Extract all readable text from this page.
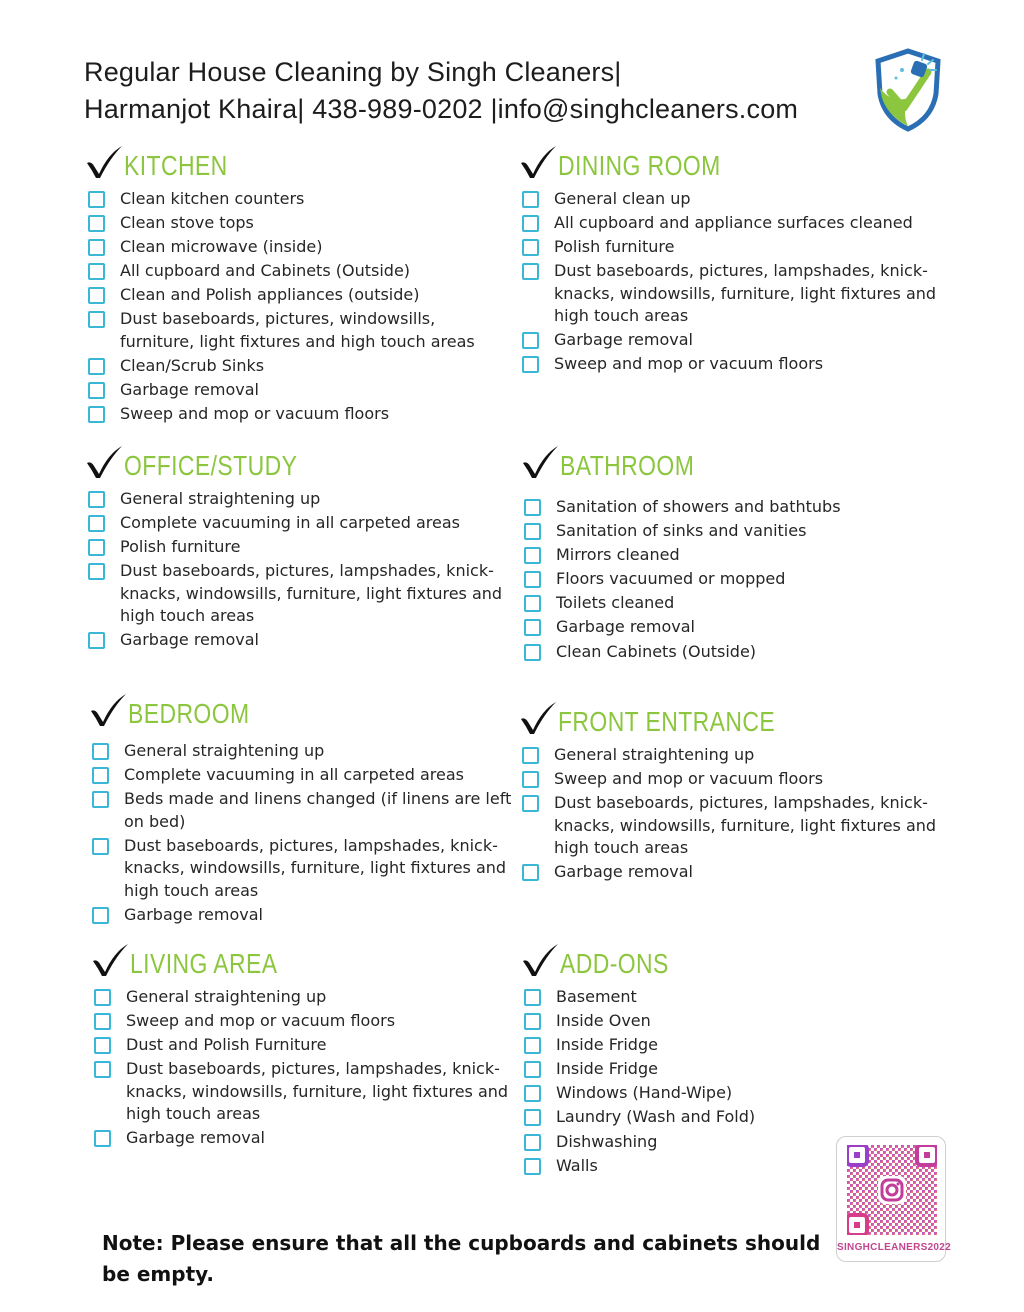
Regular House Cleaning by Singh Cleaners|
Harmanjot Khaira| 438-989-0202 |info@singhcleaners.com
KITCHEN
Clean kitchen counters
Clean stove tops
Clean microwave (inside)
All cupboard and Cabinets (Outside)
Clean and Polish appliances (outside)
Dust baseboards, pictures, windowsills, furniture, light fixtures and high touch areas
Clean/Scrub Sinks
Garbage removal
Sweep and mop or vacuum floors
DINING ROOM
General clean up
All cupboard and appliance surfaces cleaned
Polish furniture
Dust baseboards, pictures, lampshades, knick-knacks, windowsills, furniture, light fixtures and high touch areas
Garbage removal
Sweep and mop or vacuum floors
OFFICE/STUDY
General straightening up
Complete vacuuming in all carpeted areas
Polish furniture
Dust baseboards, pictures, lampshades, knick-knacks, windowsills, furniture, light fixtures and high touch areas
Garbage removal
BATHROOM
Sanitation of showers and bathtubs
Sanitation of sinks and vanities
Mirrors cleaned
Floors vacuumed or mopped
Toilets cleaned
Garbage removal
Clean Cabinets (Outside)
BEDROOM
General straightening up
Complete vacuuming in all carpeted areas
Beds made and linens changed (if linens are left on bed)
Dust baseboards, pictures, lampshades, knick-knacks, windowsills, furniture, light fixtures and high touch areas
Garbage removal
FRONT ENTRANCE
General straightening up
Sweep and mop or vacuum floors
Dust baseboards, pictures, lampshades, knick-knacks, windowsills, furniture, light fixtures and high touch areas
Garbage removal
LIVING AREA
General straightening up
Sweep and mop or vacuum floors
Dust and Polish Furniture
Dust baseboards, pictures, lampshades, knick-knacks, windowsills, furniture, light fixtures and high touch areas
Garbage removal
ADD-ONS
Basement
Inside Oven
Inside Fridge
Inside Fridge
Windows (Hand-Wipe)
Laundry (Wash and Fold)
Dishwashing
Walls
SINGHCLEANERS2022
Note: Please ensure that all the cupboards and cabinets should be empty.
